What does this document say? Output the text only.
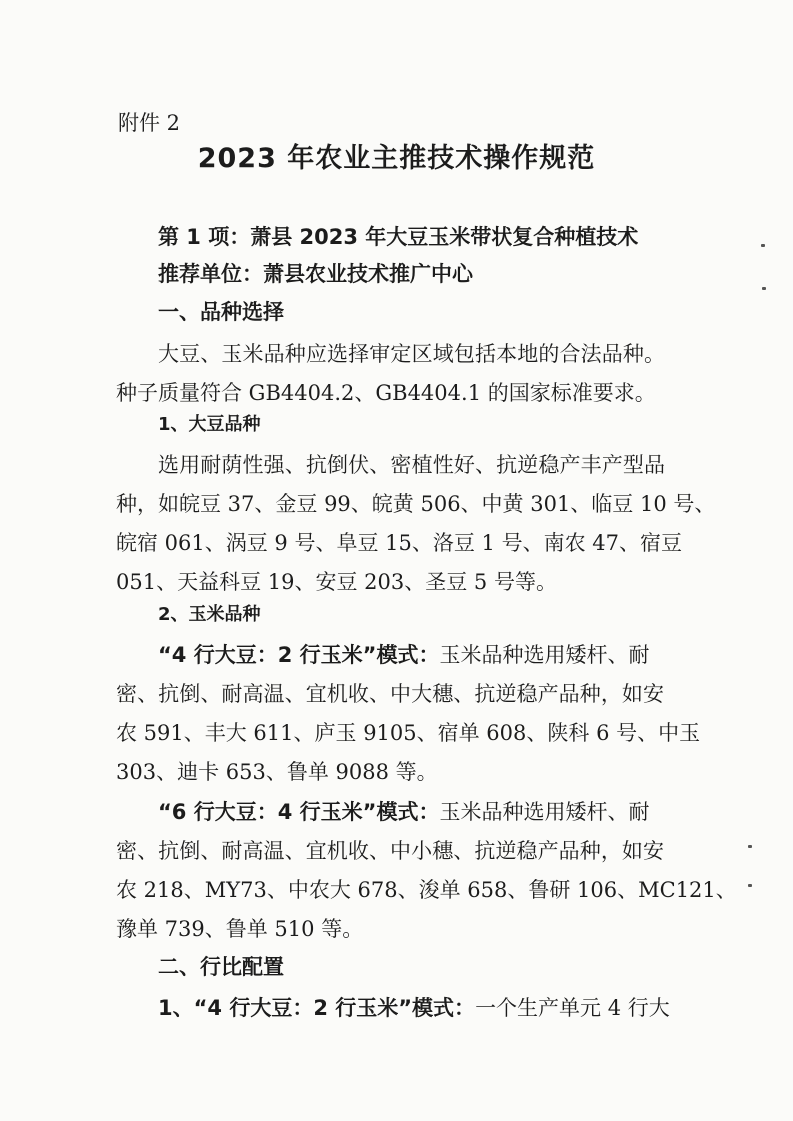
附件 2
2023 年农业主推技术操作规范
第 1 项：萧县 2023 年大豆玉米带状复合种植技术
推荐单位：萧县农业技术推广中心
一、品种选择
大豆、玉米品种应选择审定区域包括本地的合法品种。
种子质量符合 GB4404.2、GB4404.1 的国家标准要求。
1、大豆品种
选用耐荫性强、抗倒伏、密植性好、抗逆稳产丰产型品
种，如皖豆 37、金豆 99、皖黄 506、中黄 301、临豆 10 号、
皖宿 061、涡豆 9 号、阜豆 15、洛豆 1 号、南农 47、宿豆
051、天益科豆 19、安豆 203、圣豆 5 号等。
2、玉米品种
“4 行大豆：2 行玉米”模式：玉米品种选用矮杆、耐
密、抗倒、耐高温、宜机收、中大穗、抗逆稳产品种，如安
农 591、丰大 611、庐玉 9105、宿单 608、陕科 6 号、中玉
303、迪卡 653、鲁单 9088 等。
“6 行大豆：4 行玉米”模式：玉米品种选用矮杆、耐
密、抗倒、耐高温、宜机收、中小穗、抗逆稳产品种，如安
农 218、MY73、中农大 678、浚单 658、鲁研 106、MC121、
豫单 739、鲁单 510 等。
二、行比配置
1、“4 行大豆：2 行玉米”模式：一个生产单元 4 行大
